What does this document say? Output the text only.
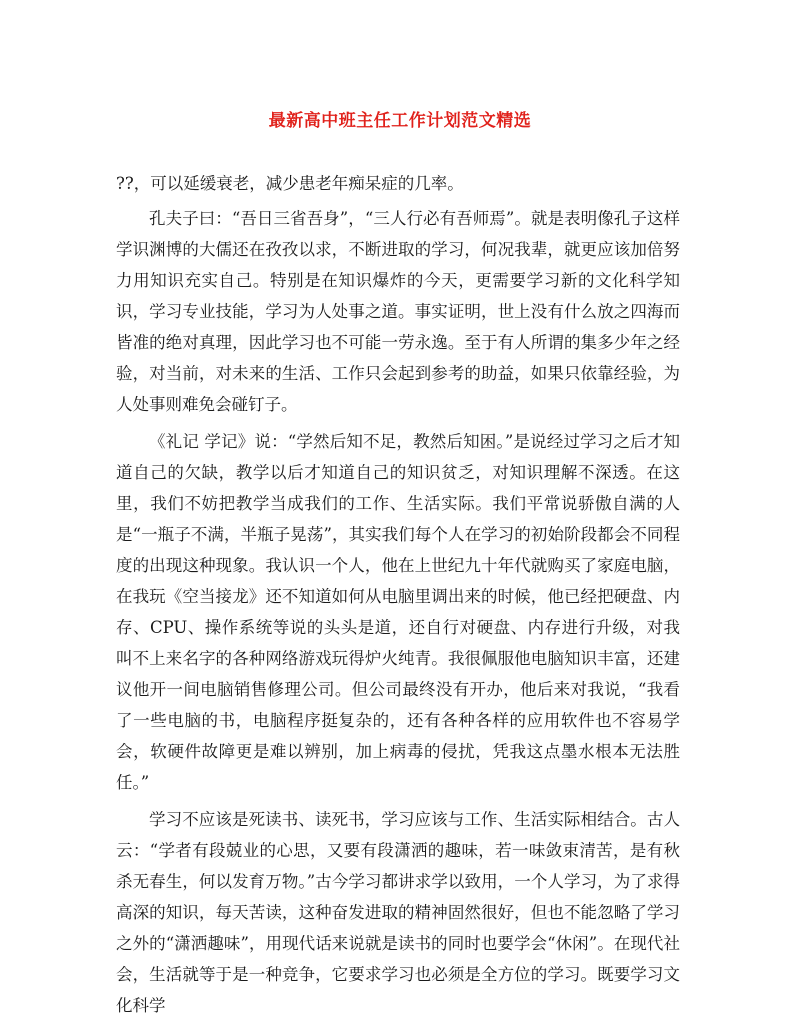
最新高中班主任工作计划范文精选

??，可以延缓衰老，减少患老年痴呆症的几率。

孔夫子曰：“吾日三省吾身”，“三人行必有吾师焉”。就是表明像孔子这样学识渊博的大儒还在孜孜以求，不断进取的学习，何况我辈，就更应该加倍努力用知识充实自己。特别是在知识爆炸的今天，更需要学习新的文化科学知识，学习专业技能，学习为人处事之道。事实证明，世上没有什么放之四海而皆准的绝对真理，因此学习也不可能一劳永逸。至于有人所谓的集多少年之经验，对当前，对未来的生活、工作只会起到参考的助益，如果只依靠经验，为人处事则难免会碰钉子。

《礼记 学记》说：“学然后知不足，教然后知困。”是说经过学习之后才知道自己的欠缺，教学以后才知道自己的知识贫乏，对知识理解不深透。在这里，我们不妨把教学当成我们的工作、生活实际。我们平常说骄傲自满的人是“一瓶子不满，半瓶子晃荡”，其实我们每个人在学习的初始阶段都会不同程度的出现这种现象。我认识一个人，他在上世纪九十年代就购买了家庭电脑，在我玩《空当接龙》还不知道如何从电脑里调出来的时候，他已经把硬盘、内存、CPU、操作系统等说的头头是道，还自行对硬盘、内存进行升级，对我叫不上来名字的各种网络游戏玩得炉火纯青。我很佩服他电脑知识丰富，还建议他开一间电脑销售修理公司。但公司最终没有开办，他后来对我说，“我看了一些电脑的书，电脑程序挺复杂的，还有各种各样的应用软件也不容易学会，软硬件故障更是难以辨别，加上病毒的侵扰，凭我这点墨水根本无法胜任。”

学习不应该是死读书、读死书，学习应该与工作、生活实际相结合。古人云：“学者有段兢业的心思，又要有段潇洒的趣味，若一味敛束清苦，是有秋杀无春生，何以发育万物。”古今学习都讲求学以致用，一个人学习，为了求得高深的知识，每天苦读，这种奋发进取的精神固然很好，但也不能忽略了学习之外的“潇洒趣味”，用现代话来说就是读书的同时也要学会“休闲”。在现代社会，生活就等于是一种竞争，它要求学习也必须是全方位的学习。既要学习文化科学
